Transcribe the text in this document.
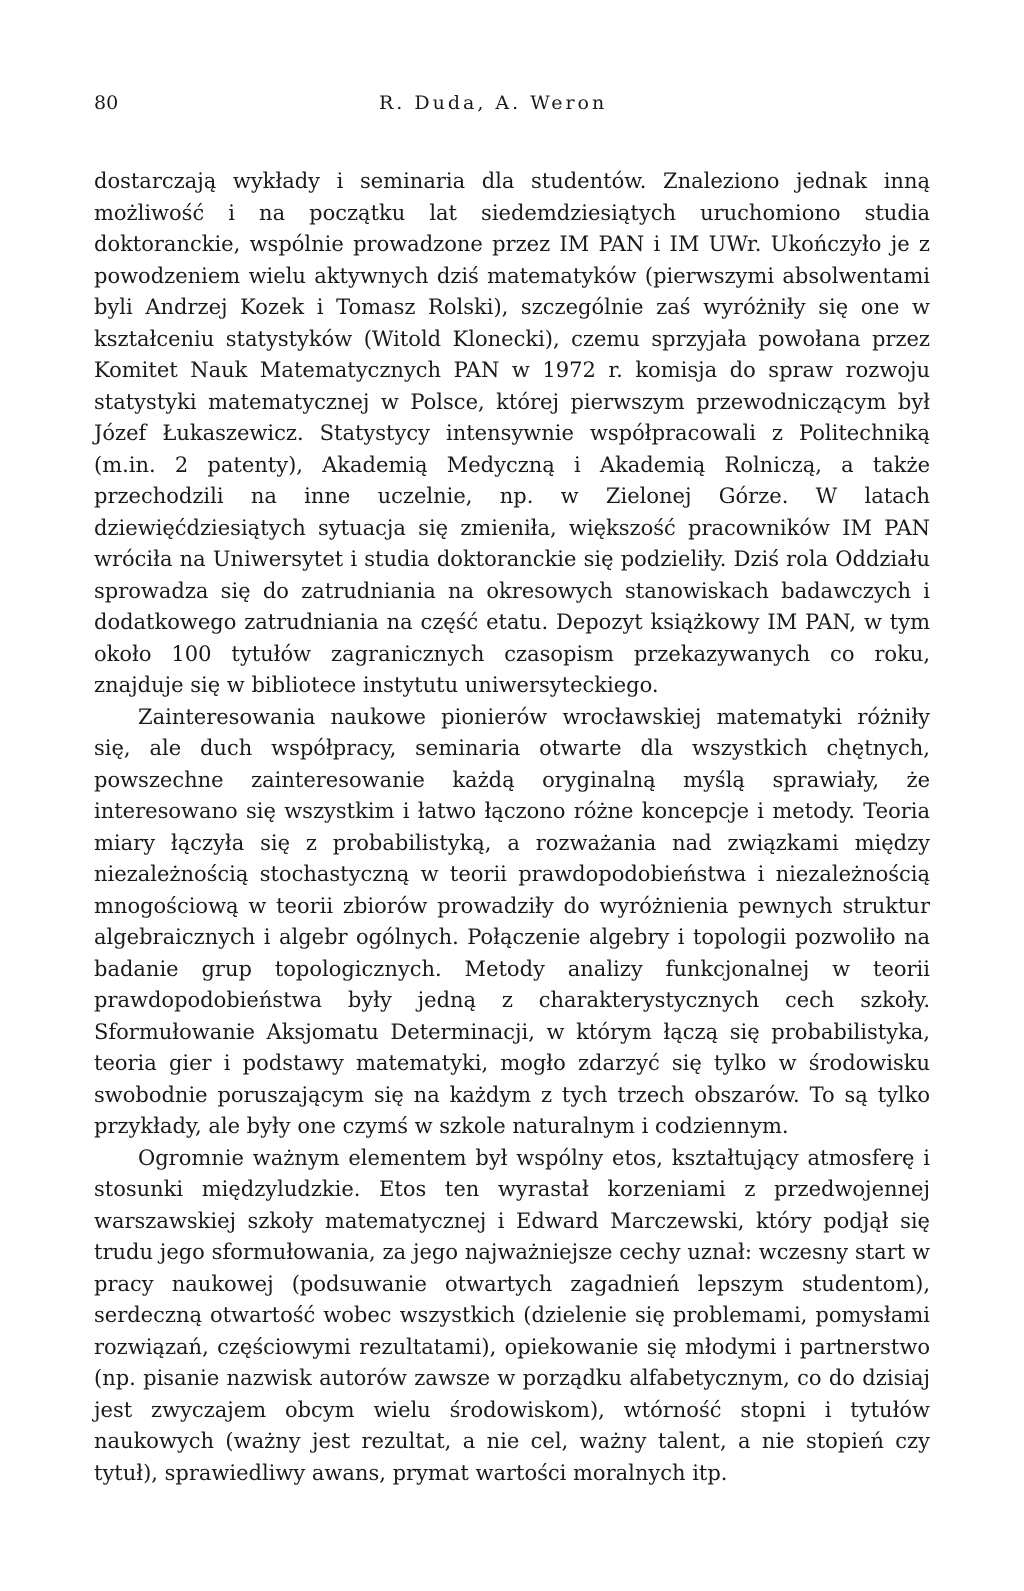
80	R. Duda, A. Weron

dostarczają wykłady i seminaria dla studentów. Znaleziono jednak inną możliwość i na początku lat siedemdziesiątych uruchomiono studia doktoranckie, wspólnie prowadzone przez IM PAN i IM UWr. Ukończyło je z powodzeniem wielu aktywnych dziś matematyków (pierwszymi absolwentami byli Andrzej Kozek i Tomasz Rolski), szczególnie zaś wyróżniły się one w kształceniu statystyków (Witold Klonecki), czemu sprzyjała powołana przez Komitet Nauk Matematycznych PAN w 1972 r. komisja do spraw rozwoju statystyki matematycznej w Polsce, której pierwszym przewodniczącym był Józef Łukaszewicz. Statystycy intensywnie współpracowali z Politechniką (m.in. 2 patenty), Akademią Medyczną i Akademią Rolniczą, a także przechodzili na inne uczelnie, np. w Zielonej Górze. W latach dziewięćdziesiątych sytuacja się zmieniła, większość pracowników IM PAN wróciła na Uniwersytet i studia doktoranckie się podzieliły. Dziś rola Oddziału sprowadza się do zatrudniania na okresowych stanowiskach badawczych i dodatkowego zatrudniania na część etatu. Depozyt książkowy IM PAN, w tym około 100 tytułów zagranicznych czasopism przekazywanych co roku, znajduje się w bibliotece instytutu uniwersyteckiego.

Zainteresowania naukowe pionierów wrocławskiej matematyki różniły się, ale duch współpracy, seminaria otwarte dla wszystkich chętnych, powszechne zainteresowanie każdą oryginalną myślą sprawiały, że interesowano się wszystkim i łatwo łączono różne koncepcje i metody. Teoria miary łączyła się z probabilistyką, a rozważania nad związkami między niezależnością stochastyczną w teorii prawdopodobieństwa i niezależnością mnogościową w teorii zbiorów prowadziły do wyróżnienia pewnych struktur algebraicznych i algebr ogólnych. Połączenie algebry i topologii pozwoliło na badanie grup topologicznych. Metody analizy funkcjonalnej w teorii prawdopodobieństwa były jedną z charakterystycznych cech szkoły. Sformułowanie Aksjomatu Determinacji, w którym łączą się probabilistyka, teoria gier i podstawy matematyki, mogło zdarzyć się tylko w środowisku swobodnie poruszającym się na każdym z tych trzech obszarów. To są tylko przykłady, ale były one czymś w szkole naturalnym i codziennym.

Ogromnie ważnym elementem był wspólny etos, kształtujący atmosferę i stosunki międzyludzkie. Etos ten wyrastał korzeniami z przedwojennej warszawskiej szkoły matematycznej i Edward Marczewski, który podjął się trudu jego sformułowania, za jego najważniejsze cechy uznał: wczesny start w pracy naukowej (podsuwanie otwartych zagadnień lepszym studentom), serdeczną otwartość wobec wszystkich (dzielenie się problemami, pomysłami rozwiązań, częściowymi rezultatami), opiekowanie się młodymi i partnerstwo (np. pisanie nazwisk autorów zawsze w porządku alfabetycznym, co do dzisiaj jest zwyczajem obcym wielu środowiskom), wtórność stopni i tytułów naukowych (ważny jest rezultat, a nie cel, ważny talent, a nie stopień czy tytuł), sprawiedliwy awans, prymat wartości moralnych itp.
